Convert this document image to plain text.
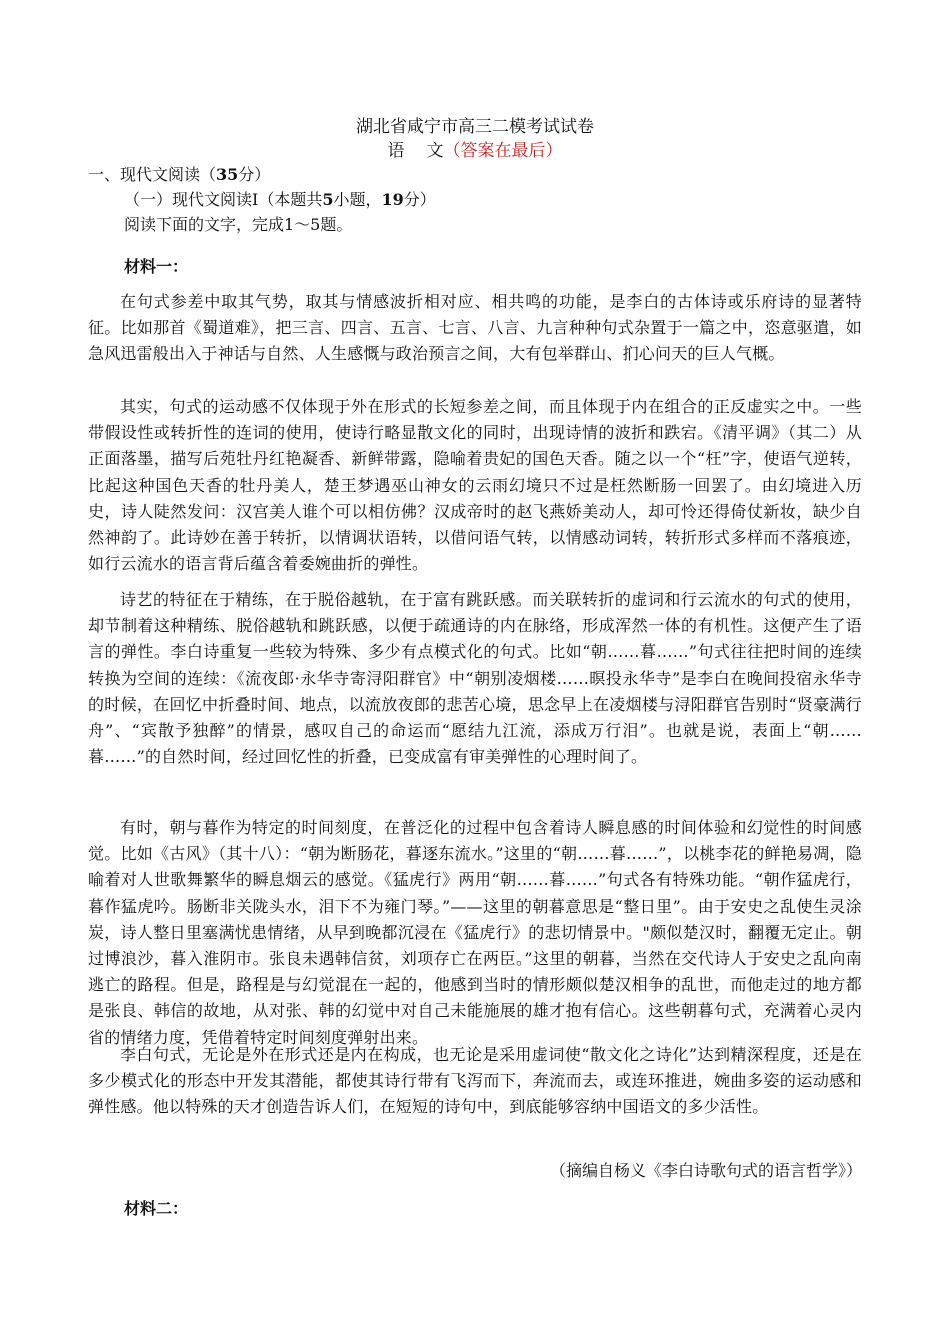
湖北省咸宁市高三二模考试试卷
语 文（答案在最后）
一、现代文阅读（35分）
（一）现代文阅读Ⅰ（本题共5小题，19分）
阅读下面的文字，完成1～5题。
材料一：
在句式参差中取其气势，取其与情感波折相对应、相共鸣的功能，是李白的古体诗或乐府诗的显著特征。比如那首《蜀道难》，把三言、四言、五言、七言、八言、九言种种句式杂置于一篇之中，恣意驱遣，如急风迅雷般出入于神话与自然、人生感慨与政治预言之间，大有包举群山、扪心问天的巨人气概。
其实，句式的运动感不仅体现于外在形式的长短参差之间，而且体现于内在组合的正反虚实之中。一些带假设性或转折性的连词的使用，使诗行略显散文化的同时，出现诗情的波折和跌宕。《清平调》（其二）从正面落墨，描写后苑牡丹红艳凝香、新鲜带露，隐喻着贵妃的国色天香。随之以一个“枉”字，使语气逆转，比起这种国色天香的牡丹美人，楚王梦遇巫山神女的云雨幻境只不过是枉然断肠一回罢了。由幻境进入历史，诗人陡然发问：汉宫美人谁个可以相仿佛？汉成帝时的赵飞燕娇美动人，却可怜还得倚仗新妆，缺少自然神韵了。此诗妙在善于转折，以情调状语转，以借问语气转，以情感动词转，转折形式多样而不落痕迹，如行云流水的语言背后蕴含着委婉曲折的弹性。
诗艺的特征在于精练，在于脱俗越轨，在于富有跳跃感。而关联转折的虚词和行云流水的句式的使用，却节制着这种精练、脱俗越轨和跳跃感，以便于疏通诗的内在脉络，形成浑然一体的有机性。这便产生了语言的弹性。李白诗重复一些较为特殊、多少有点模式化的句式。比如“朝……暮……”句式往往把时间的连续转换为空间的连续：《流夜郎·永华寺寄浔阳群官》中“朝别凌烟楼……暝投永华寺”是李白在晚间投宿永华寺的时候，在回忆中折叠时间、地点，以流放夜郎的悲苦心境，思念早上在凌烟楼与浔阳群官告别时“贤豪满行舟”、“宾散予独醉”的情景，感叹自己的命运而“愿结九江流，添成万行泪”。也就是说，表面上“朝……暮……”的自然时间，经过回忆性的折叠，已变成富有审美弹性的心理时间了。
有时，朝与暮作为特定的时间刻度，在普泛化的过程中包含着诗人瞬息感的时间体验和幻觉性的时间感觉。比如《古风》（其十八）：“朝为断肠花，暮逐东流水。”这里的“朝……暮……”，以桃李花的鲜艳易凋，隐喻着对人世歌舞繁华的瞬息烟云的感觉。《猛虎行》两用“朝……暮……”句式各有特殊功能。“朝作猛虎行，暮作猛虎吟。肠断非关陇头水，泪下不为雍门琴。”——这里的朝暮意思是“整日里”。由于安史之乱使生灵涂炭，诗人整日里塞满忧患情绪，从早到晚都沉浸在《猛虎行》的悲切情景中。"颇似楚汉时，翻覆无定止。朝过博浪沙，暮入淮阴市。张良未遇韩信贫，刘项存亡在两臣。”这里的朝暮，当然在交代诗人于安史之乱向南逃亡的路程。但是，路程是与幻觉混在一起的，他感到当时的情形颇似楚汉相争的乱世，而他走过的地方都是张良、韩信的故地，从对张、韩的幻觉中对自己未能施展的雄才抱有信心。这些朝暮句式，充满着心灵内省的情绪力度，凭借着特定时间刻度弹射出来。
李白句式，无论是外在形式还是内在构成，也无论是采用虚词使“散文化之诗化”达到精深程度，还是在多少模式化的形态中开发其潜能，都使其诗行带有飞泻而下，奔流而去，或连环推进，婉曲多姿的运动感和弹性感。他以特殊的天才创造告诉人们，在短短的诗句中，到底能够容纳中国语文的多少活性。
（摘编自杨义《李白诗歌句式的语言哲学》）
材料二：
